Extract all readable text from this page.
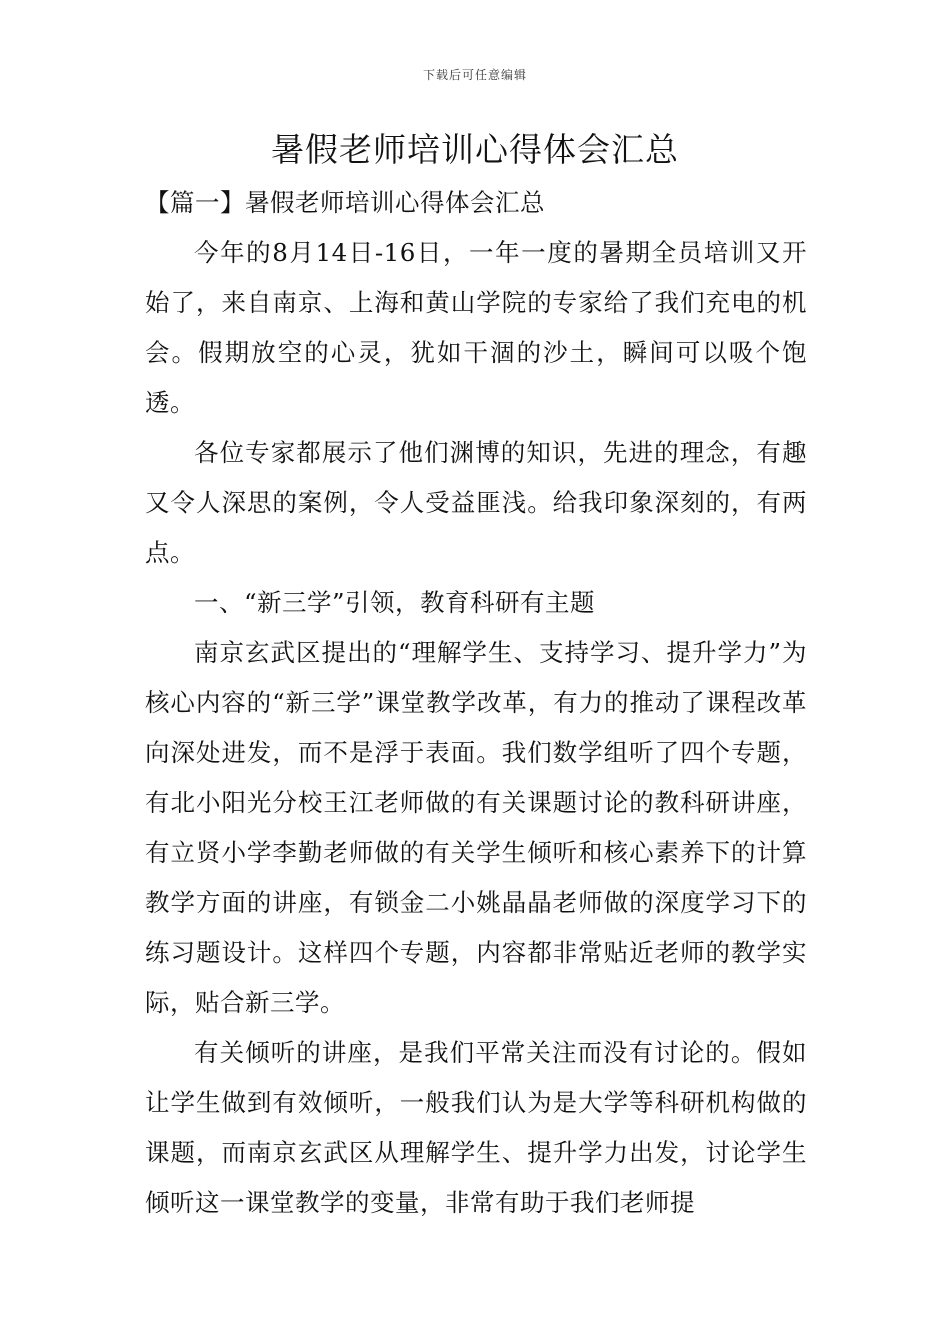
下载后可任意编辑
暑假老师培训心得体会汇总

【篇一】暑假老师培训心得体会汇总

今年的8月14日-16日，一年一度的暑期全员培训又开始了，来自南京、上海和黄山学院的专家给了我们充电的机会。假期放空的心灵，犹如干涸的沙土，瞬间可以吸个饱透。

各位专家都展示了他们渊博的知识，先进的理念，有趣又令人深思的案例，令人受益匪浅。给我印象深刻的，有两点。

一、“新三学”引领，教育科研有主题

南京玄武区提出的“理解学生、支持学习、提升学力”为核心内容的“新三学”课堂教学改革，有力的推动了课程改革向深处进发，而不是浮于表面。我们数学组听了四个专题，有北小阳光分校王江老师做的有关课题讨论的教科研讲座，有立贤小学李勤老师做的有关学生倾听和核心素养下的计算教学方面的讲座，有锁金二小姚晶晶老师做的深度学习下的练习题设计。这样四个专题，内容都非常贴近老师的教学实际，贴合新三学。

有关倾听的讲座，是我们平常关注而没有讨论的。假如让学生做到有效倾听，一般我们认为是大学等科研机构做的课题，而南京玄武区从理解学生、提升学力出发，讨论学生倾听这一课堂教学的变量，非常有助于我们老师提
